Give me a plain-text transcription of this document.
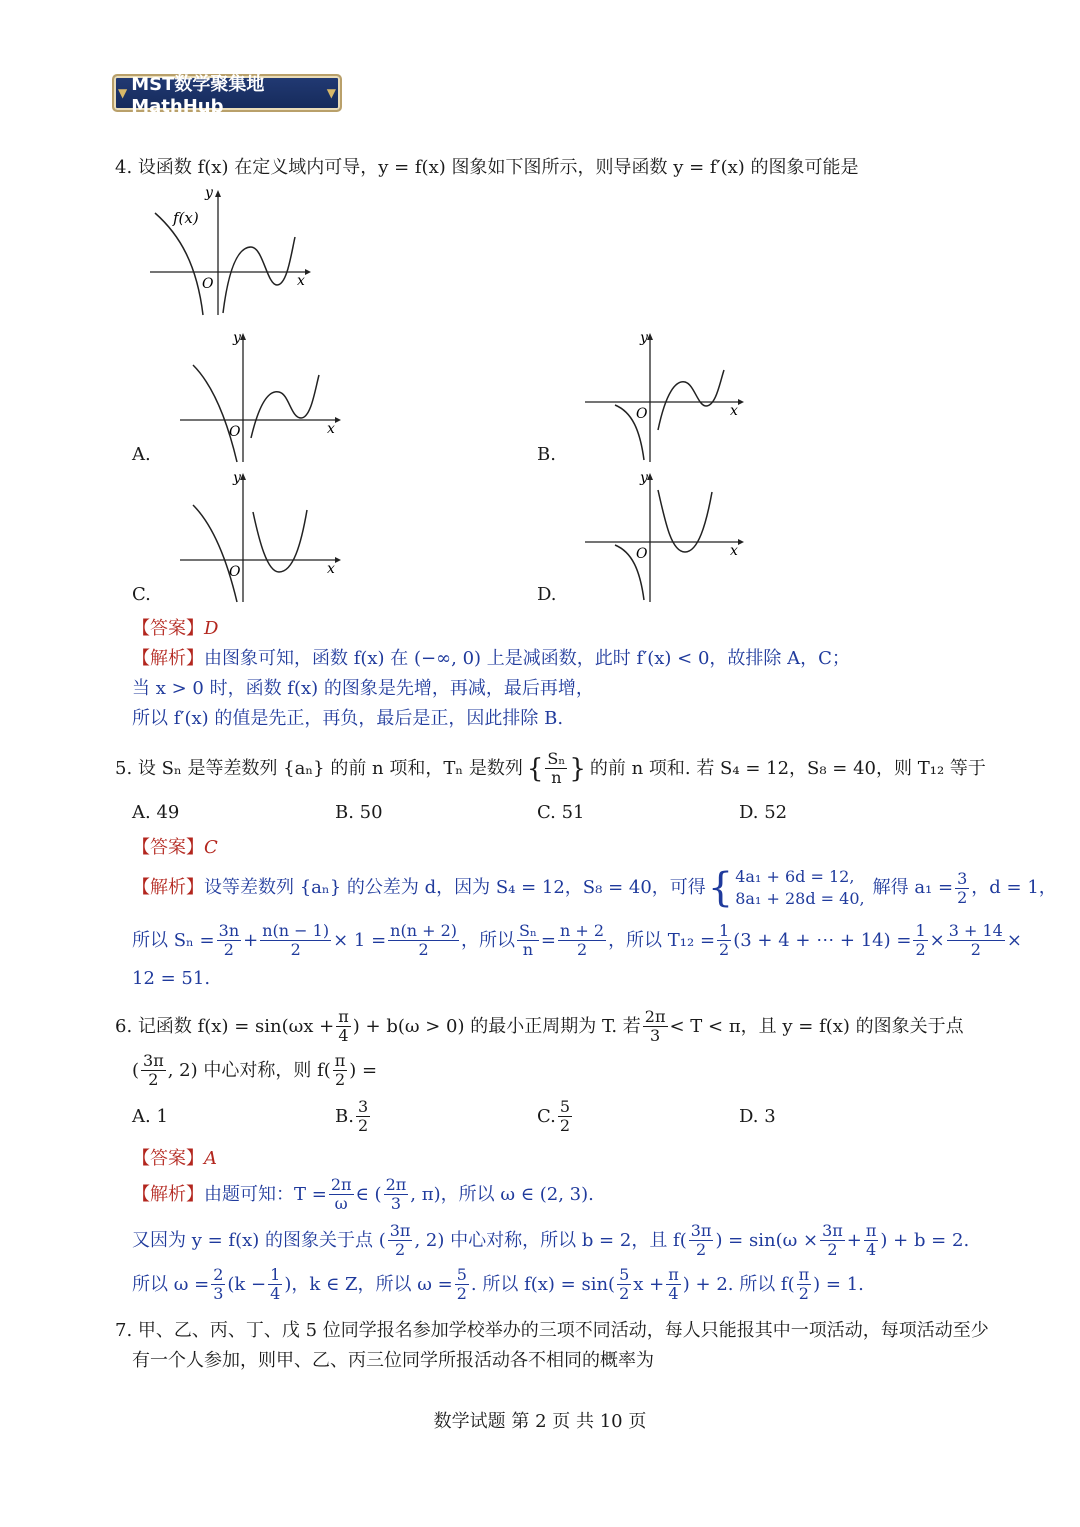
▼ MST数学聚集地MathHub
▼
4. 设函数 f(x) 在定义域内可导，y = f(x) 图象如下图所示，则导函数 y = f′(x) 的图象可能是
f(x)
y
x
O
y
x
O
A.
y
x
O
B.
y
x
O
C.
y
x
O
D.
【答案】D
【解析】由图象可知，函数 f(x) 在 (−∞, 0) 上是减函数，此时 f′(x) < 0，故排除 A，C；
当 x > 0 时，函数 f(x) 的图象是先增，再减，最后再增，
所以 f′(x) 的值是先正，再负，最后是正，因此排除 B.
5. 设 Sₙ 是等差数列 {aₙ} 的前 n 项和，Tₙ 是数列 { $\frac{\text{Sₙ}}{n}$ } 的前 n 项和. 若 S₄ = 12，S₈ = 40，则 T₁₂ 等于
A. 49	B. 50	C. 51	D. 52
【答案】C
【解析】 设等差数列 {aₙ} 的公差为 d，因为 S₄ = 12，S₈ = 40，可得 { 4a₁ + 6d = 12,
8a₁ + 28d = 40,
解得 $a_1 = \frac{3}{2}$ ，d = 1，
所以 $S_n = \frac{3n}{2} + \frac{n(n - 1)}{2} \times 1 = \frac{n(n + 2)}{2}$ ，所以 $\frac{\text{Sₙ}}{n} = \frac{n + 2}{2}$ ，所以 $T_{12} = \frac{1}{2} (3 + 4$ + ⋯ + $14) = \frac{1}{2} \times \frac{3 + 14}{2}$ ×
12 = 51.
6. 记函数 $f(x) = \sin(\omega x + \frac{\pi}{4}$ ) + b(ω > 0) 的最小正周期为 T. 若 $\frac{2\pi}{3} < T < \pi$，且 y = f(x) 的图象关于点
( $\frac{3\pi}{2}$ , 2) 中心对称，则 $f( \frac{\pi}{2}$ ) =
A. 1	B. $\frac{3}{2}$	C. $\frac{5}{2}$	D. 3
【答案】A
【解析】 由题可知：$T = \frac{2\pi}{\omega}$ ∈ ( $\frac{2\pi}{3}$ , π)，所以 ω ∈ (2, 3).
又因为 y = f(x) 的图象关于点 ( $\frac{3\pi}{2}$ , 2) 中心对称，所以 b = 2，且 $f( \frac{3\pi}{2}$ ) = $\sin(\omega \times \frac{3\pi}{2} + \frac{\pi}{4}$ ) + b = 2.
所以 $\omega = \frac{2}{3} (k - \frac{1}{4}$ )，k ∈ Z，所以 $\omega = \frac{5}{2}$ . 所以 $f(x) = \sin( \frac{5}{2}$ $x + \frac{\pi}{4}$ ) + 2. 所以 $f( \frac{\pi}{2}$ ) = 1.
7. 甲、乙、丙、丁、戊 5 位同学报名参加学校举办的三项不同活动，每人只能报其中一项活动，每项活动至少
有一个人参加，则甲、乙、丙三位同学所报活动各不相同的概率为
数学试题 第 2 页 共 10 页
